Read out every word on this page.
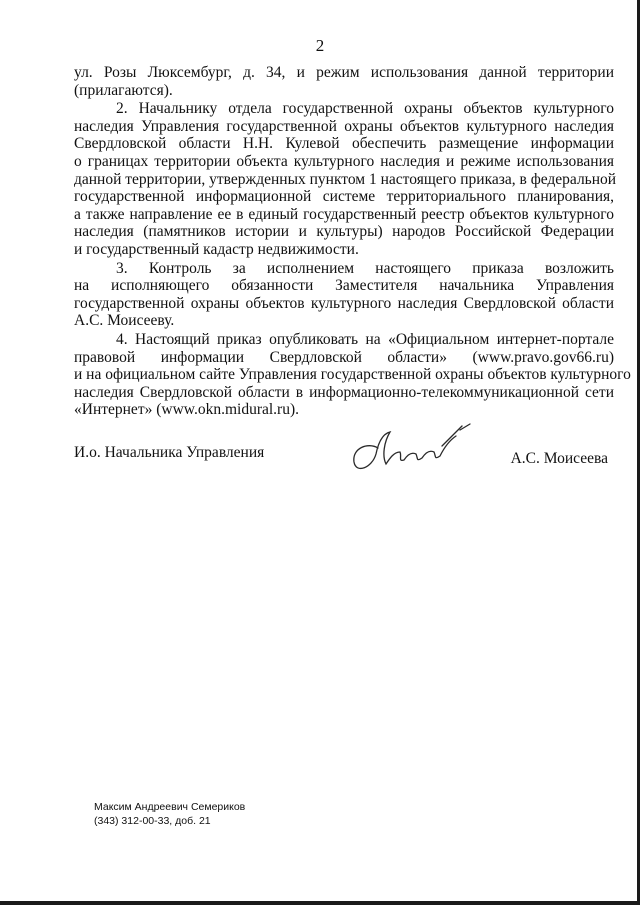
2
ул. Розы Люксембург, д. 34, и режим использования данной территории
(прилагаются).
2. Начальнику отдела государственной охраны объектов культурного
наследия Управления государственной охраны объектов культурного наследия
Свердловской области Н.Н. Кулевой обеспечить размещение информации
о границах территории объекта культурного наследия и режиме использования
данной территории, утвержденных пунктом 1 настоящего приказа, в федеральной
государственной информационной системе территориального планирования,
а также направление ее в единый государственный реестр объектов культурного
наследия (памятников истории и культуры) народов Российской Федерации
и государственный кадастр недвижимости.
3. Контроль за исполнением настоящего приказа возложить
на исполняющего обязанности Заместителя начальника Управления
государственной охраны объектов культурного наследия Свердловской области
А.С. Моисееву.
4. Настоящий приказ опубликовать на «Официальном интернет-портале
правовой информации Свердловской области» (www.pravo.gov66.ru)
и на официальном сайте Управления государственной охраны объектов культурного
наследия Свердловской области в информационно-телекоммуникационной сети
«Интернет» (www.okn.midural.ru).
И.о. Начальника Управления	А.С. Моисеева
Максим Андреевич Семериков
(343) 312-00-33, доб. 21
